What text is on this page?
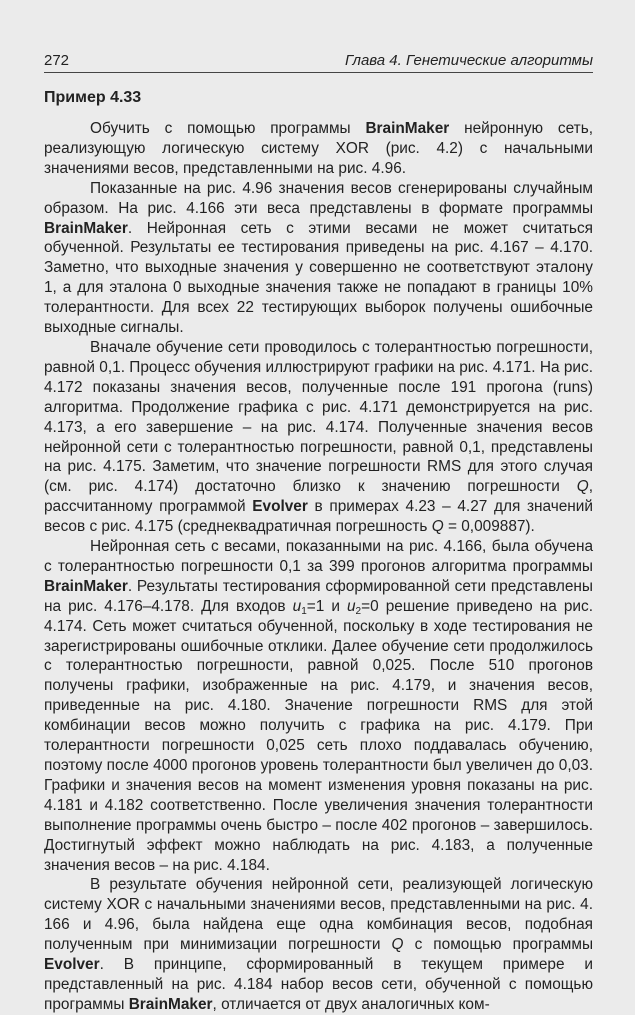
272	Глава 4. Генетические алгоритмы
Пример 4.33

Обучить с помощью программы BrainMaker нейронную сеть, реализующую логическую систему XOR (рис. 4.2) с начальными значениями весов, представленными на рис. 4.96.

Показанные на рис. 4.96 значения весов сгенерированы случайным образом. На рис. 4.166 эти веса представлены в формате программы BrainMaker. Нейронная сеть с этими весами не может считаться обученной. Результаты ее тестирования приведены на рис. 4.167 – 4.170. Заметно, что выходные значения у совершенно не соответствуют эталону 1, а для эталона 0 выходные значения также не попадают в границы 10% толерантности. Для всех 22 тестирующих выборок получены ошибочные выходные сигналы.

Вначале обучение сети проводилось с толерантностью погрешности, равной 0,1. Процесс обучения иллюстрируют графики на рис. 4.171. На рис. 4.172 показаны значения весов, полученные после 191 прогона (runs) алгоритма. Продолжение графика с рис. 4.171 демонстрируется на рис. 4.173, а его завершение – на рис. 4.174. Полученные значения весов нейронной сети с толерантностью погрешности, равной 0,1, представлены на рис. 4.175. Заметим, что значение погрешности RMS для этого случая (см. рис. 4.174) достаточно близко к значению погрешности Q, рассчитанному программой Evolver в примерах 4.23 – 4.27 для значений весов с рис. 4.175 (среднеквадратичная погрешность Q = 0,009887).

Нейронная сеть с весами, показанными на рис. 4.166, была обучена с толерантностью погрешности 0,1 за 399 прогонов алгоритма программы BrainMaker. Результаты тестирования сформированной сети представлены на рис. 4.176–4.178. Для входов $u_1=1$ и $u_2=0$ решение приведено на рис. 4.174. Сеть может считаться обученной, поскольку в ходе тестирования не зарегистрированы ошибочные отклики. Далее обучение сети продолжилось с толерантностью погрешности, равной 0,025. После 510 прогонов получены графики, изображенные на рис. 4.179, и значения весов, приведенные на рис. 4.180. Значение погрешности RMS для этой комбинации весов можно получить с графика на рис. 4.179. При толерантности погрешности 0,025 сеть плохо поддавалась обучению, поэтому после 4000 прогонов уровень толерантности был увеличен до 0,03. Графики и значения весов на момент изменения уровня показаны на рис. 4.181 и 4.182 соответственно. После увеличения значения толерантности выполнение программы очень быстро – после 402 прогонов – завершилось. Достигнутый эффект можно наблюдать на рис. 4.183, а полученные значения весов – на рис. 4.184.

В результате обучения нейронной сети, реализующей логическую систему XOR с начальными значениями весов, представленными на рис. 4. 166 и 4.96, была найдена еще одна комбинация весов, подобная полученным при минимизации погрешности Q с помощью программы Evolver. В принципе, сформированный в текущем примере и представленный на рис. 4.184 набор весов сети, обученной с помощью программы BrainMaker, отличается от двух аналогичных ком-
